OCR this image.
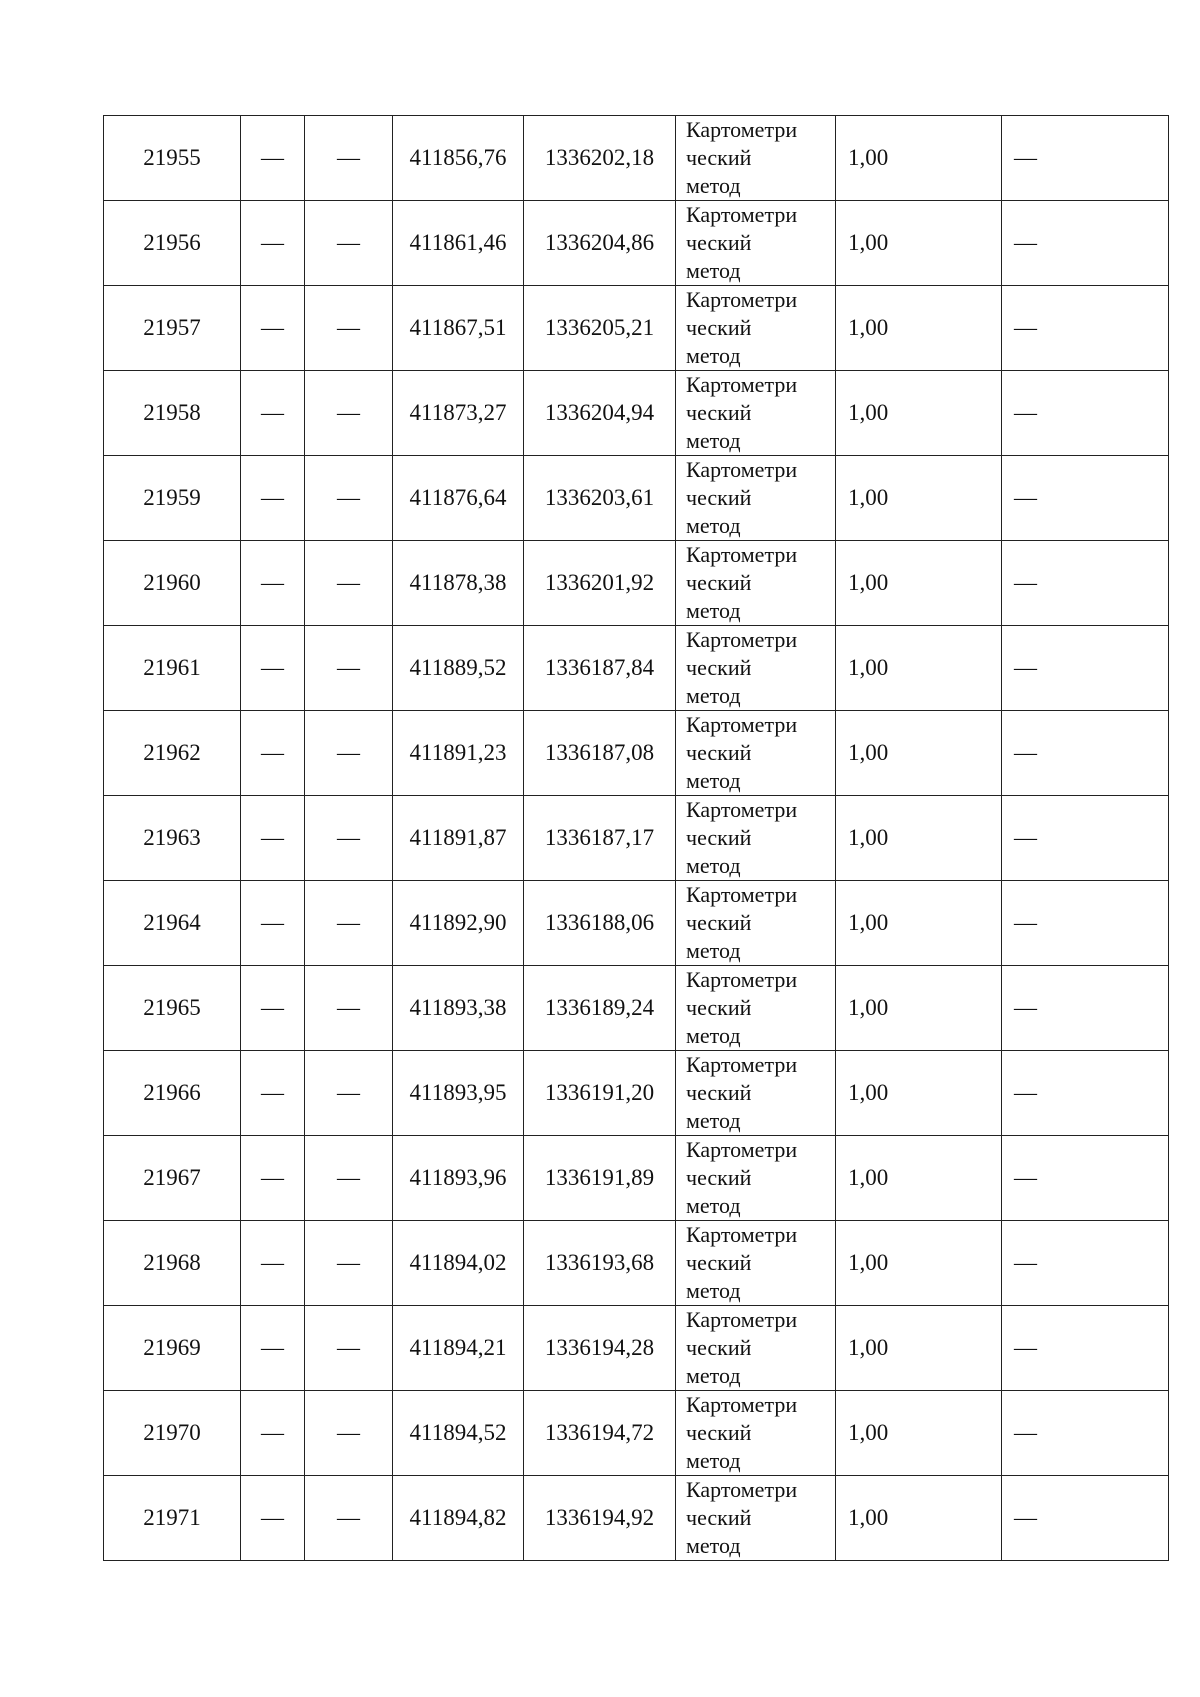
21955	—	—	411856,76	1336202,18	Картометри
ческий
метод	1,00	—
21956	—	—	411861,46	1336204,86	Картометри
ческий
метод	1,00	—
21957	—	—	411867,51	1336205,21	Картометри
ческий
метод	1,00	—
21958	—	—	411873,27	1336204,94	Картометри
ческий
метод	1,00	—
21959	—	—	411876,64	1336203,61	Картометри
ческий
метод	1,00	—
21960	—	—	411878,38	1336201,92	Картометри
ческий
метод	1,00	—
21961	—	—	411889,52	1336187,84	Картометри
ческий
метод	1,00	—
21962	—	—	411891,23	1336187,08	Картометри
ческий
метод	1,00	—
21963	—	—	411891,87	1336187,17	Картометри
ческий
метод	1,00	—
21964	—	—	411892,90	1336188,06	Картометри
ческий
метод	1,00	—
21965	—	—	411893,38	1336189,24	Картометри
ческий
метод	1,00	—
21966	—	—	411893,95	1336191,20	Картометри
ческий
метод	1,00	—
21967	—	—	411893,96	1336191,89	Картометри
ческий
метод	1,00	—
21968	—	—	411894,02	1336193,68	Картометри
ческий
метод	1,00	—
21969	—	—	411894,21	1336194,28	Картометри
ческий
метод	1,00	—
21970	—	—	411894,52	1336194,72	Картометри
ческий
метод	1,00	—
21971	—	—	411894,82	1336194,92	Картометри
ческий
метод	1,00	—
